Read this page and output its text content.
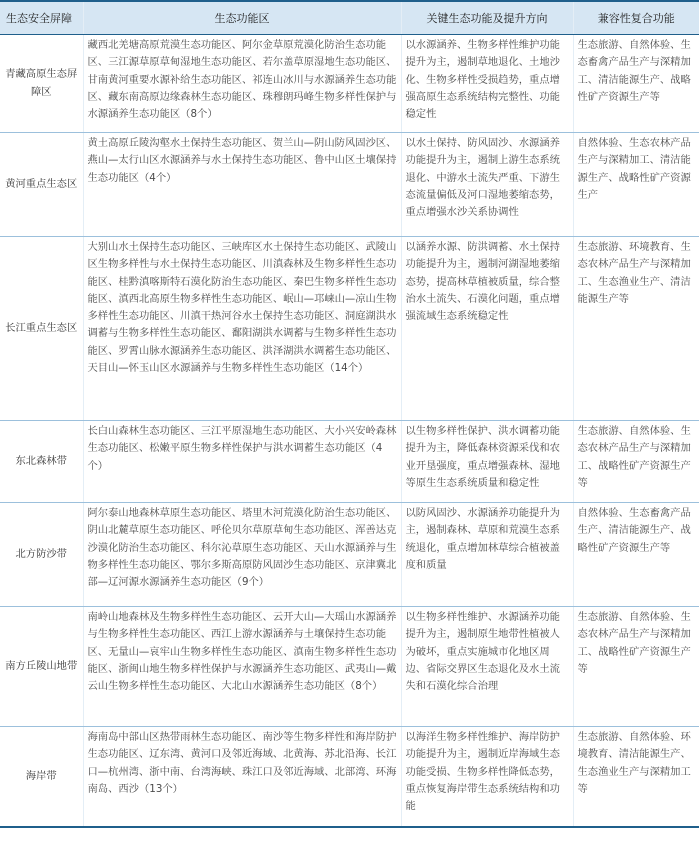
生态安全屏障	生态功能区	关键生态功能及提升方向	兼容性复合功能
青藏高原生态屏障区	藏西北羌塘高原荒漠生态功能区、阿尔金草原荒漠化防治生态功能区、三江源草原草甸湿地生态功能区、若尔盖草原湿地生态功能区、甘南黄河重要水源补给生态功能区、祁连山冰川与水源涵养生态功能区、藏东南高原边缘森林生态功能区、珠穆朗玛峰生物多样性保护与水源涵养生态功能区（8个）	以水源涵养、生物多样性维护功能提升为主，遏制草地退化、土地沙化、生物多样性受损趋势，重点增强高原生态系统结构完整性、功能稳定性	生态旅游、自然体验、生态畜禽产品生产与深精加工、清洁能源生产、战略性矿产资源生产等
黄河重点生态区	黄土高原丘陵沟壑水土保持生态功能区、贺兰山—阴山防风固沙区、燕山—太行山区水源涵养与水土保持生态功能区、鲁中山区土壤保持生态功能区（4个）	以水土保持、防风固沙、水源涵养功能提升为主，遏制上游生态系统退化、中游水土流失严重、下游生态流量偏低及河口湿地萎缩态势，重点增强水沙关系协调性	自然体验、生态农林产品生产与深精加工、清洁能源生产、战略性矿产资源生产
长江重点生态区	大别山水土保持生态功能区、三峡库区水土保持生态功能区、武陵山区生物多样性与水土保持生态功能区、川滇森林及生物多样性生态功能区、桂黔滇喀斯特石漠化防治生态功能区、秦巴生物多样性生态功能区、滇西北高原生物多样性生态功能区、岷山—邛崃山—凉山生物多样性生态功能区、川滇干热河谷水土保持生态功能区、洞庭湖洪水调蓄与生物多样性生态功能区、鄱阳湖洪水调蓄与生物多样性生态功能区、罗霄山脉水源涵养生态功能区、洪泽湖洪水调蓄生态功能区、天目山—怀玉山区水源涵养与生物多样性生态功能区（14个）	以涵养水源、防洪调蓄、水土保持功能提升为主，遏制河湖湿地萎缩态势，提高林草植被质量，综合整治水土流失、石漠化问题，重点增强流域生态系统稳定性	生态旅游、环境教育、生态农林产品生产与深精加工、生态渔业生产、清洁能源生产等
东北森林带	长白山森林生态功能区、三江平原湿地生态功能区、大小兴安岭森林生态功能区、松嫩平原生物多样性保护与洪水调蓄生态功能区（4个）	以生物多样性保护、洪水调蓄功能提升为主，降低森林资源采伐和农业开垦强度，重点增强森林、湿地等原生生态系统质量和稳定性	生态旅游、自然体验、生态农林产品生产与深精加工、战略性矿产资源生产等
北方防沙带	阿尔泰山地森林草原生态功能区、塔里木河荒漠化防治生态功能区、阴山北麓草原生态功能区、呼伦贝尔草原草甸生态功能区、浑善达克沙漠化防治生态功能区、科尔沁草原生态功能区、天山水源涵养与生物多样性生态功能区、鄂尔多斯高原防风固沙生态功能区、京津冀北部—辽河源水源涵养生态功能区（9个）	以防风固沙、水源涵养功能提升为主，遏制森林、草原和荒漠生态系统退化，重点增加林草综合植被盖度和质量	自然体验、生态畜禽产品生产、清洁能源生产、战略性矿产资源生产等
南方丘陵山地带	南岭山地森林及生物多样性生态功能区、云开大山—大瑶山水源涵养与生物多样性生态功能区、西江上游水源涵养与土壤保持生态功能区、无量山—哀牢山生物多样性生态功能区、滇南生物多样性生态功能区、浙闽山地生物多样性保护与水源涵养生态功能区、武夷山—戴云山生物多样性生态功能区、大北山水源涵养生态功能区（8个）	以生物多样性维护、水源涵养功能提升为主，遏制原生地带性植被人为破坏，重点实施城市化地区周边、省际交界区生态退化及水土流失和石漠化综合治理	生态旅游、自然体验、生态农林产品生产与深精加工、战略性矿产资源生产等
海岸带	海南岛中部山区热带雨林生态功能区、南沙等生物多样性和海岸防护生态功能区、辽东湾、黄河口及邻近海域、北黄海、苏北沿海、长江口—杭州湾、浙中南、台湾海峡、珠江口及邻近海域、北部湾、环海南岛、西沙（13个）	以海洋生物多样性维护、海岸防护功能提升为主，遏制近岸海域生态功能受损、生物多样性降低态势，重点恢复海岸带生态系统结构和功能	生态旅游、自然体验、环境教育、清洁能源生产、生态渔业生产与深精加工等
